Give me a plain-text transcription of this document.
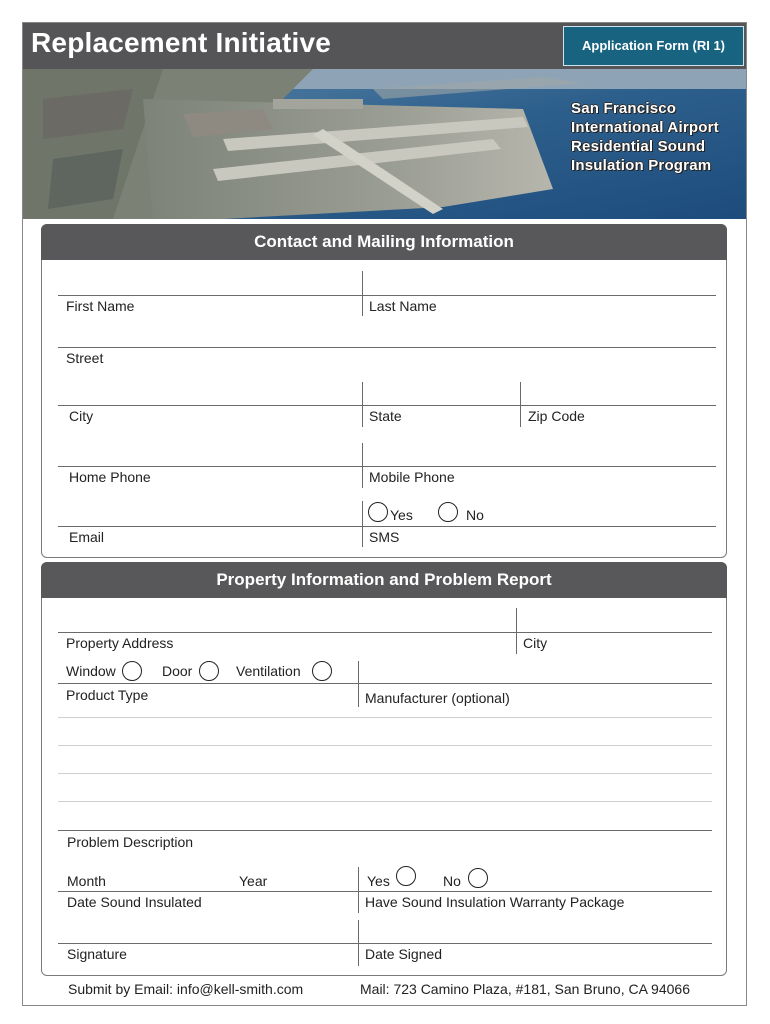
Replacement Initiative	Application Form (RI 1)
San Francisco
International Airport
Residential Sound
Insulation Program
Contact and Mailing Information
First Name	Last Name
Street
City	State	Zip Code
Home Phone	Mobile Phone
Yes	No
Email	SMS
Property Information and Problem Report
Property Address	City
Window	Door	Ventilation
Product Type	Manufacturer (optional)
Problem Description
Month	Year	Yes	No
Date Sound Insulated	Have Sound Insulation Warranty Package
Signature	Date Signed
Submit by Email: info@kell-smith.com	Mail: 723 Camino Plaza, #181, San Bruno, CA 94066
